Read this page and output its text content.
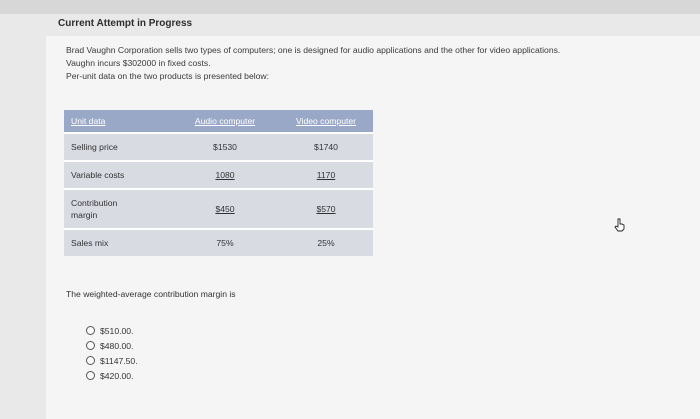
Current Attempt in Progress
Brad Vaughn Corporation sells two types of computers; one is designed for audio applications and the other for video applications.
Vaughn incurs $302000 in fixed costs.
Per-unit data on the two products is presented below:
Unit data	Audio computer	Video computer
Selling price	$1530	$1740
Variable costs	1080	1170

Contribution
margin	$450	$570
Sales mix	75%	25%
The weighted-average contribution margin is
$510.00.
$480.00.
$1147.50.
$420.00.
